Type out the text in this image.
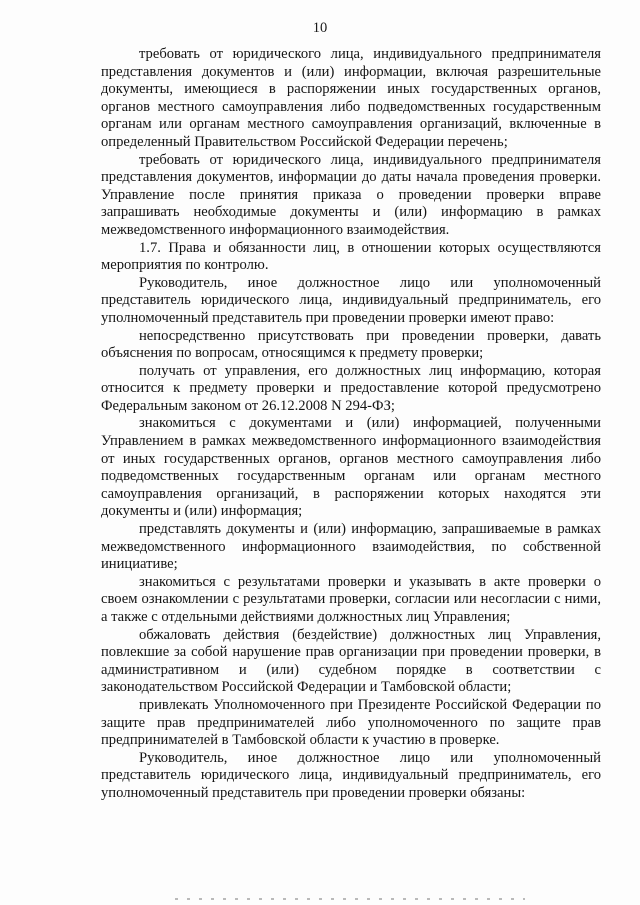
10

требовать от юридического лица, индивидуального предпринимателя представления документов и (или) информации, включая разрешительные документы, имеющиеся в распоряжении иных государственных органов, органов местного самоуправления либо подведомственных государственным органам или органам местного самоуправления организаций, включенные в определенный Правительством Российской Федерации перечень;

требовать от юридического лица, индивидуального предпринимателя представления документов, информации до даты начала проведения проверки. Управление после принятия приказа о проведении проверки вправе запрашивать необходимые документы и (или) информацию в рамках межведомственного информационного взаимодействия.

1.7. Права и обязанности лиц, в отношении которых осуществляются мероприятия по контролю.

Руководитель, иное должностное лицо или уполномоченный представитель юридического лица, индивидуальный предприниматель, его уполномоченный представитель при проведении проверки имеют право:

непосредственно присутствовать при проведении проверки, давать объяснения по вопросам, относящимся к предмету проверки;

получать от управления, его должностных лиц информацию, которая относится к предмету проверки и предоставление которой предусмотрено Федеральным законом от 26.12.2008 N 294-ФЗ;

знакомиться с документами и (или) информацией, полученными Управлением в рамках межведомственного информационного взаимодействия от иных государственных органов, органов местного самоуправления либо подведомственных государственным органам или органам местного самоуправления организаций, в распоряжении которых находятся эти документы и (или) информация;

представлять документы и (или) информацию, запрашиваемые в рамках межведомственного информационного взаимодействия, по собственной инициативе;

знакомиться с результатами проверки и указывать в акте проверки о своем ознакомлении с результатами проверки, согласии или несогласии с ними, а также с отдельными действиями должностных лиц Управления;

обжаловать действия (бездействие) должностных лиц Управления, повлекшие за собой нарушение прав организации при проведении проверки, в административном и (или) судебном порядке в соответствии с законодательством Российской Федерации и Тамбовской области;

привлекать Уполномоченного при Президенте Российской Федерации по защите прав предпринимателей либо уполномоченного по защите прав предпринимателей в Тамбовской области к участию в проверке.

Руководитель, иное должностное лицо или уполномоченный представитель юридического лица, индивидуальный предприниматель, его уполномоченный представитель при проведении проверки обязаны:
